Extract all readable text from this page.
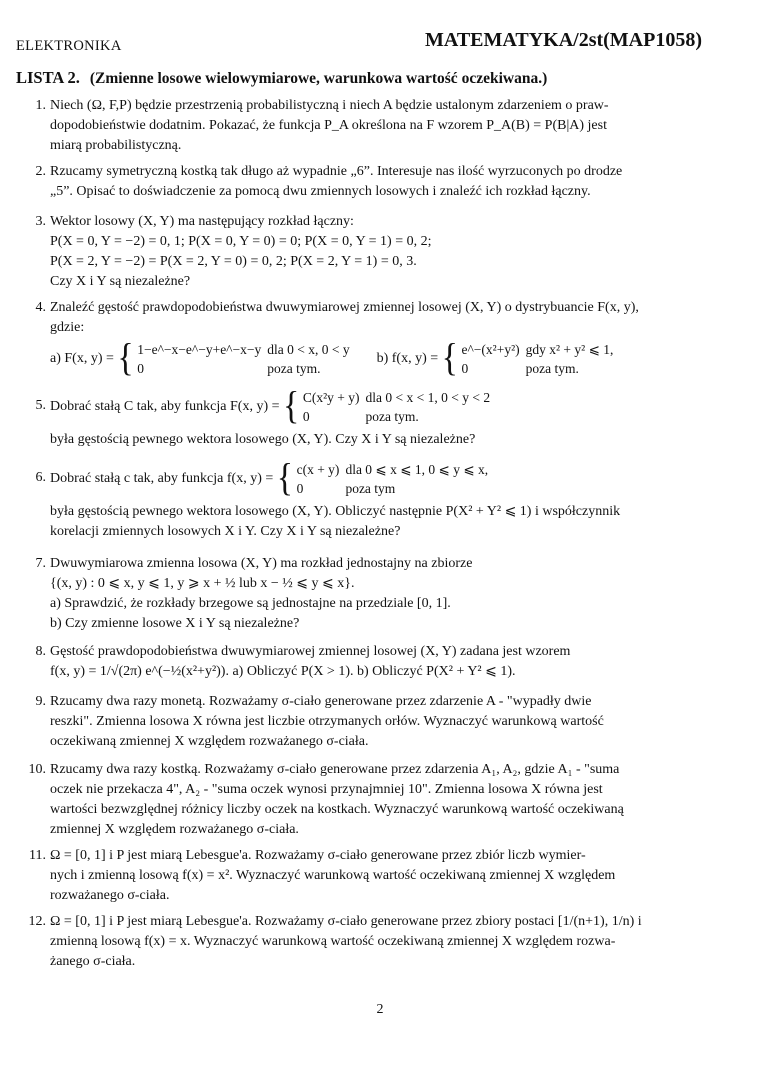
ELEKTRONIKA	MATEMATYKA/2st(MAP1058)
LISTA 2. (Zmienne losowe wielowymiarowe, warunkowa wartość oczekiwana.)
1. Niech (Ω, F,P) będzie przestrzenią probabilistyczną i niech A będzie ustalonym zdarzeniem o praw-
dopodobieństwie dodatnim. Pokazać, że funkcja P_A określona na F wzorem P_A(B) = P(B|A) jest
miarą probabilistyczną.
2. Rzucamy symetryczną kostką tak długo aż wypadnie „6”. Interesuje nas ilość wyrzuconych po drodze
„5”. Opisać to doświadczenie za pomocą dwu zmiennych losowych i znaleźć ich rozkład łączny.
3. Wektor losowy (X, Y) ma następujący rozkład łączny:
P(X = 0, Y = −2) = 0, 1; P(X = 0, Y = 0) = 0; P(X = 0, Y = 1) = 0, 2;
P(X = 2, Y = −2) = P(X = 2, Y = 0) = 0, 2; P(X = 2, Y = 1) = 0, 3.
Czy X i Y są niezależne?
4. Znaleźć gęstość prawdopodobieństwa dwuwymiarowej zmiennej losowej (X, Y) o dystrybuancie F(x, y),
gdzie:
a) F(x, y) = { 1−e^−x−e^−y+e^−x−y	dla 0 < x, 0 < y
0	poza tym.  b) f(x, y) = { e^−(x²+y²)	gdy x² + y² ⩽ 1,
0	poza tym.
5. Dobrać stałą C tak, aby funkcja F(x, y) = { C(x²y + y)	dla 0 < x < 1, 0 < y < 2
0	poza tym.
była gęstością pewnego wektora losowego (X, Y). Czy X i Y są niezależne?
6. Dobrać stałą c tak, aby funkcja f(x, y) = { c(x + y)	dla 0 ⩽ x ⩽ 1, 0 ⩽ y ⩽ x,
0	poza tym
była gęstością pewnego wektora losowego (X, Y). Obliczyć następnie P(X² + Y² ⩽ 1) i współczynnik
korelacji zmiennych losowych X i Y. Czy X i Y są niezależne?
7. Dwuwymiarowa zmienna losowa (X, Y) ma rozkład jednostajny na zbiorze
{(x, y) : 0 ⩽ x, y ⩽ 1, y ⩾ x + ½ lub x − ½ ⩽ y ⩽ x}.
a) Sprawdzić, że rozkłady brzegowe są jednostajne na przedziale [0, 1].
b) Czy zmienne losowe X i Y są niezależne?
8. Gęstość prawdopodobieństwa dwuwymiarowej zmiennej losowej (X, Y) zadana jest wzorem
f(x, y) = 1/√(2π) e^(−½(x²+y²)). a) Obliczyć P(X > 1). b) Obliczyć P(X² + Y² ⩽ 1).
9. Rzucamy dwa razy monetą. Rozważamy σ-ciało generowane przez zdarzenie A - "wypadły dwie
reszki". Zmienna losowa X równa jest liczbie otrzymanych orłów. Wyznaczyć warunkową wartość
oczekiwaną zmiennej X względem rozważanego σ-ciała.
10. Rzucamy dwa razy kostką. Rozważamy σ-ciało generowane przez zdarzenia A₁, A₂, gdzie A₁ - "suma
oczek nie przekacza 4", A₂ - "suma oczek wynosi przynajmniej 10". Zmienna losowa X równa jest
wartości bezwzględnej różnicy liczby oczek na kostkach. Wyznaczyć warunkową wartość oczekiwaną
zmiennej X względem rozważanego σ-ciała.
11. Ω = [0, 1] i P jest miarą Lebesgue'a. Rozważamy σ-ciało generowane przez zbiór liczb wymier-
nych i zmienną losową f(x) = x². Wyznaczyć warunkową wartość oczekiwaną zmiennej X względem
rozważanego σ-ciała.
12. Ω = [0, 1] i P jest miarą Lebesgue'a. Rozważamy σ-ciało generowane przez zbiory postaci [1/(n+1), 1/n) i
zmienną losową f(x) = x. Wyznaczyć warunkową wartość oczekiwaną zmiennej X względem rozwa-
żanego σ-ciała.
2
